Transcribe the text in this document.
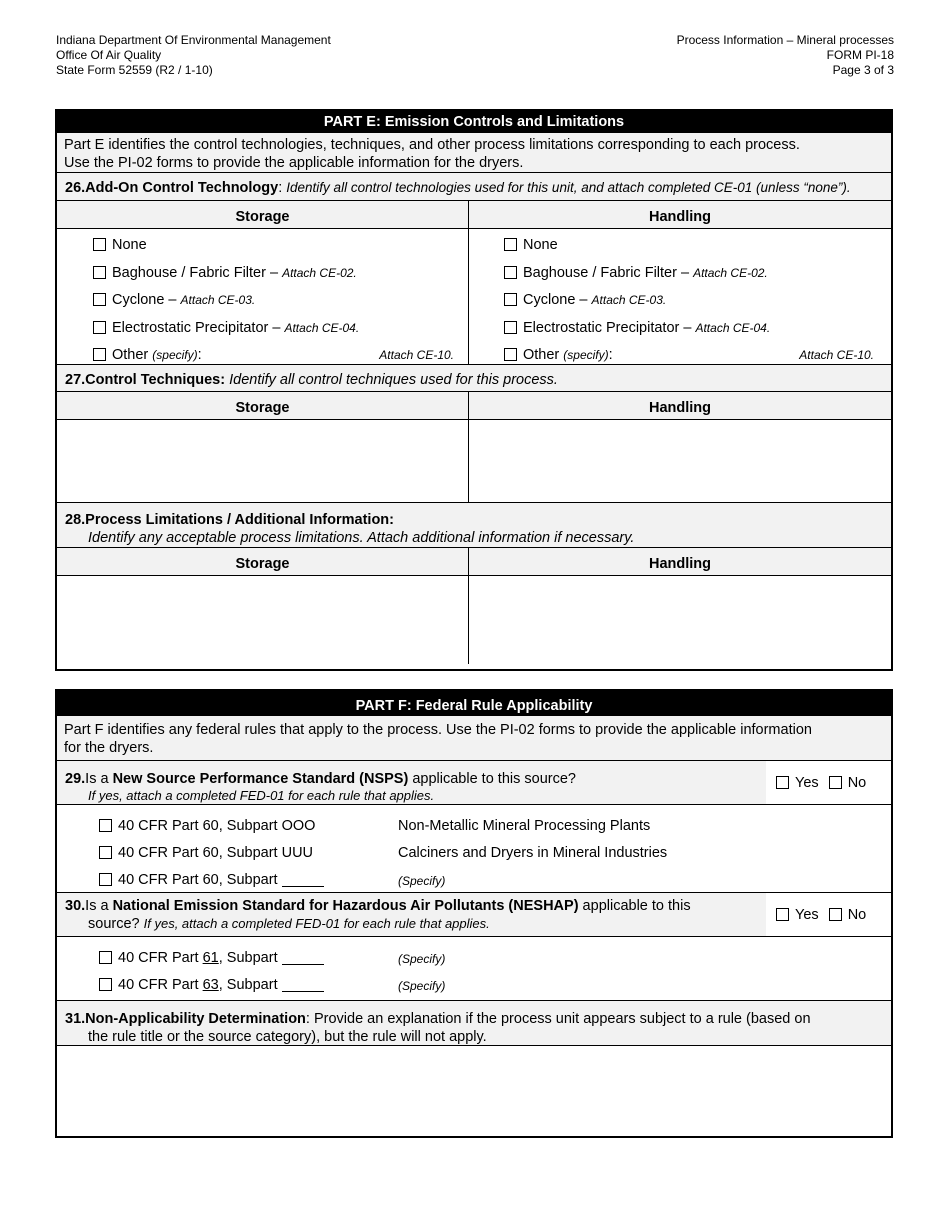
Indiana Department Of Environmental Management
Office Of Air Quality
State Form 52559 (R2 / 1-10)
Process Information – Mineral processes
FORM PI-18
Page 3 of 3
PART E: Emission Controls and Limitations
Part E identifies the control technologies, techniques, and other process limitations corresponding to each process.
Use the PI-02 forms to provide the applicable information for the dryers.
26.Add-On Control Technology: Identify all control technologies used for this unit, and attach completed CE-01 (unless “none”).
Storage
None
Baghouse / Fabric Filter – Attach CE-02.
Cyclone – Attach CE-03.
Electrostatic Precipitator – Attach CE-04.
Other (specify):	Attach CE-10.
Handling
None
Baghouse / Fabric Filter – Attach CE-02.
Cyclone – Attach CE-03.
Electrostatic Precipitator – Attach CE-04.
Other (specify):	Attach CE-10.
27.Control Techniques: Identify all control techniques used for this process.
Storage	Handling
28.Process Limitations / Additional Information:
Identify any acceptable process limitations. Attach additional information if necessary.
Storage	Handling
PART F: Federal Rule Applicability
Part F identifies any federal rules that apply to the process. Use the PI-02 forms to provide the applicable information
for the dryers.
29.Is a New Source Performance Standard (NSPS) applicable to this source?
If yes, attach a completed FED-01 for each rule that applies.
Yes No
40 CFR Part 60, Subpart OOO	Non-Metallic Mineral Processing Plants
40 CFR Part 60, Subpart UUU	Calciners and Dryers in Mineral Industries
40 CFR Part 60, Subpart	(Specify)
30.Is a National Emission Standard for Hazardous Air Pollutants (NESHAP) applicable to this
source? If yes, attach a completed FED-01 for each rule that applies.
Yes No
40 CFR Part 61, Subpart	(Specify)
40 CFR Part 63, Subpart	(Specify)
31.Non-Applicability Determination: Provide an explanation if the process unit appears subject to a rule (based on
the rule title or the source category), but the rule will not apply.
